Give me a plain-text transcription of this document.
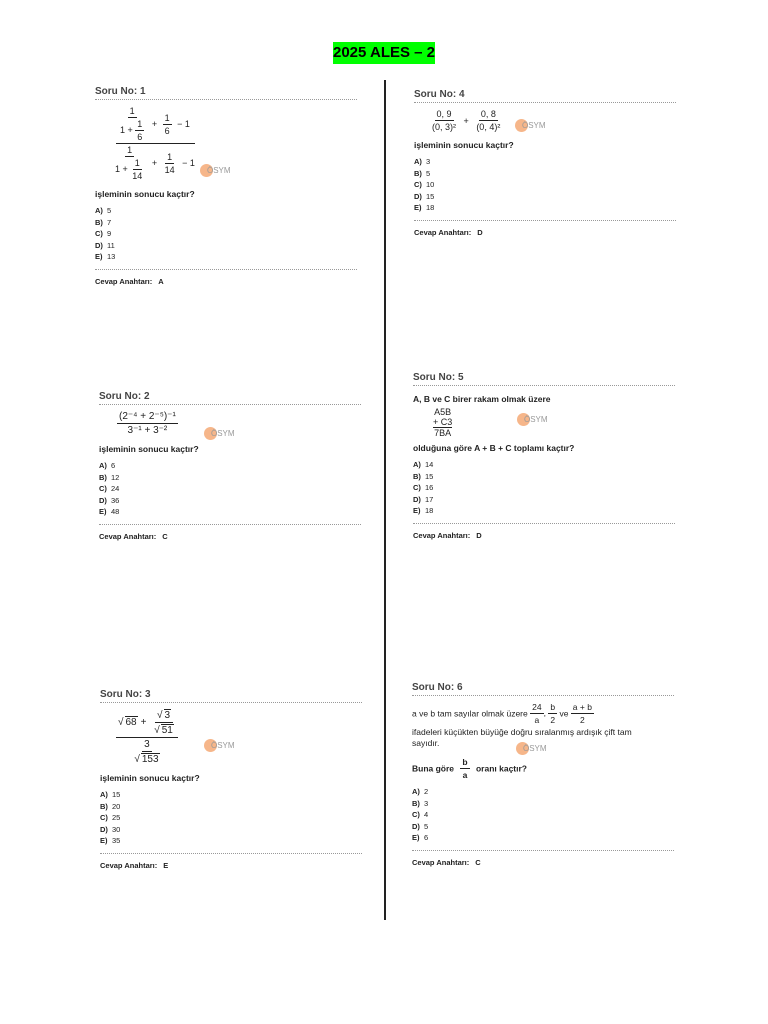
2025 ALES – 2
Soru No: 1
$\frac{1}{1 + \frac{1}{6}} + \frac{1}{6} - 1$
$\frac{1}{1 + \frac{1}{14}} + \frac{1}{14} - 1$
ÖSYM
işleminin sonucu kaçtır?
A) 5
B) 7
C) 9
D) 11
E) 13
Cevap Anahtarı: A
Soru No: 2
$\frac{\text{(2⁻⁴ + 2⁻⁵)⁻¹}}{\text{3⁻¹ + 3⁻²}}$	ÖSYM
işleminin sonucu kaçtır?
A) 6
B) 12
C) 24
D) 36
E) 48
Cevap Anahtarı: C
Soru No: 3
$\frac{√ 68 + \frac{√ 3}{√ 51}}{\frac{3}{√ 153}}$	ÖSYM
işleminin sonucu kaçtır?
A) 15
B) 20
C) 25
D) 30
E) 35
Cevap Anahtarı: E
Soru No: 4
$\frac{0, 9}{\text{(0, 3)²}} + \frac{0, 8}{\text{(0, 4)²}}$ ÖSYM
işleminin sonucu kaçtır?
A) 3
B) 5
C) 10
D) 15
E) 18
Cevap Anahtarı: D
Soru No: 5
A, B ve C birer rakam olmak üzere
A5B
+ C3
7BA
ÖSYM
olduğuna göre A + B + C toplamı kaçtır?
A) 14
B) 15
C) 16
D) 17
E) 18
Cevap Anahtarı: D
Soru No: 6
a ve b tam sayılar olmak üzere $\frac{24}{a}$ , $\frac{b}{2}$ ve $\frac{a + b}{2}$
ÖSYM
ifadeleri küçükten büyüğe doğru sıralanmış ardışık çift tam sayıdır.
Buna göre $\frac{b}{a}$ oranı kaçtır?
A) 2
B) 3
C) 4
D) 5
E) 6
Cevap Anahtarı: C
